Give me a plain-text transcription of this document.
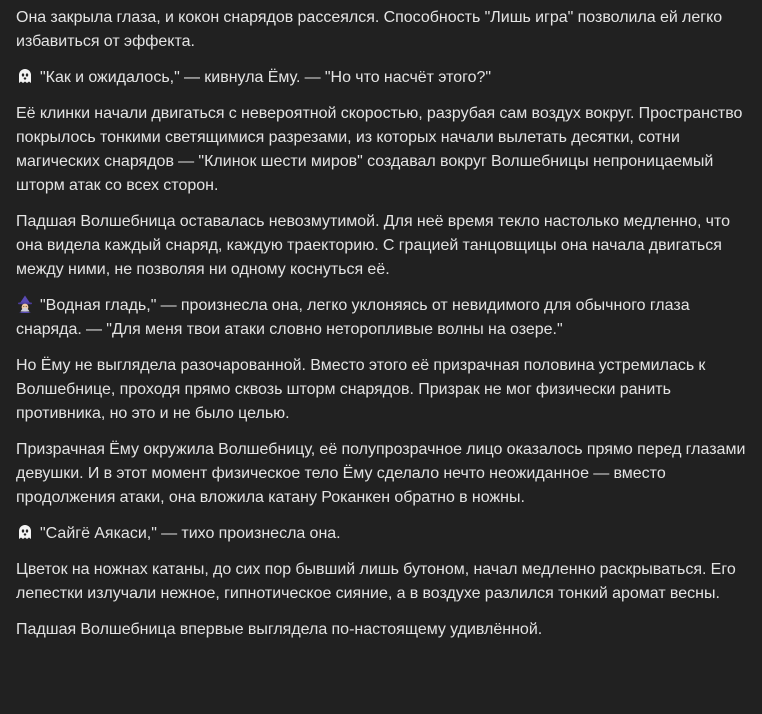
Она закрыла глаза, и кокон снарядов рассеялся. Способность "Лишь игра" позволила ей легко избавиться от эффекта.

"Как и ожидалось," — кивнула Ёму. — "Но что насчёт этого?"

Её клинки начали двигаться с невероятной скоростью, разрубая сам воздух вокруг. Пространство покрылось тонкими светящимися разрезами, из которых начали вылетать десятки, сотни магических снарядов — "Клинок шести миров" создавал вокруг Волшебницы непроницаемый шторм атак со всех сторон.

Падшая Волшебница оставалась невозмутимой. Для неё время текло настолько медленно, что она видела каждый снаряд, каждую траекторию. С грацией танцовщицы она начала двигаться между ними, не позволяя ни одному коснуться её.

"Водная гладь," — произнесла она, легко уклоняясь от невидимого для обычного глаза снаряда. — "Для меня твои атаки словно неторопливые волны на озере."

Но Ёму не выглядела разочарованной. Вместо этого её призрачная половина устремилась к Волшебнице, проходя прямо сквозь шторм снарядов. Призрак не мог физически ранить противника, но это и не было целью.

Призрачная Ёму окружила Волшебницу, её полупрозрачное лицо оказалось прямо перед глазами девушки. И в этот момент физическое тело Ёму сделало нечто неожиданное — вместо продолжения атаки, она вложила катану Роканкен обратно в ножны.

"Сайгё Аякаси," — тихо произнесла она.

Цветок на ножнах катаны, до сих пор бывший лишь бутоном, начал медленно раскрываться. Его лепестки излучали нежное, гипнотическое сияние, а в воздухе разлился тонкий аромат весны.

Падшая Волшебница впервые выглядела по-настоящему удивлённой.
